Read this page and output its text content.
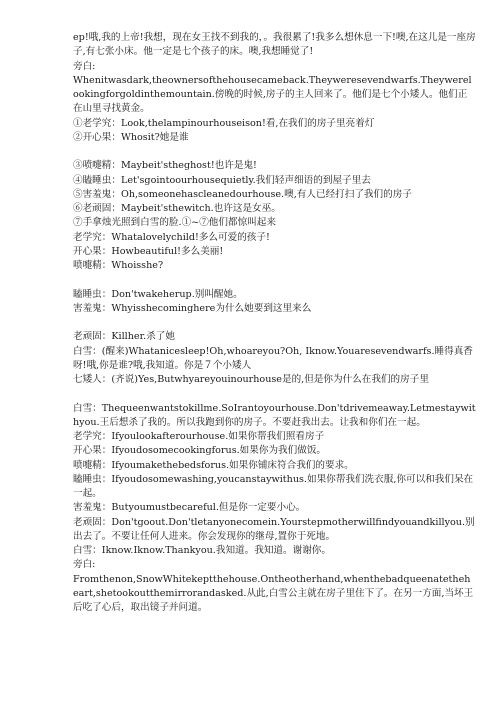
ep!哦,我的上帝!我想，现在女王找不到我的，。我很累了!我多么想休息一下!噢,在这儿是一座房子,有七张小床。他一定是七个孩子的床。噢,我想睡觉了!
旁白:
Whenitwasdark,theownersofthehousecameback.Theyweresevendwarfs.Theywerelookingforgoldinthemountain.傍晚的时候,房子的主人回来了。他们是七个小矮人。他们正在山里寻找黄金。
①老学究：Look,thelampinourhouseison!看,在我们的房子里亮着灯
②开心果：Whosit?她是谁
③喷嚏精：Maybeit'stheghost!也许是鬼!
④瞌睡虫：Let'sgointoourhousequietly.我们轻声细语的到屋子里去
⑤害羞鬼：Oh,someonehascleanedourhouse.噢,有人已经打扫了我们的房子
⑥老顽固：Maybeit'sthewitch.也许这是女巫。
⑦手拿烛光照到白雪的脸.①~⑦他们都惊叫起来
老学究：Whatalovelychild!多么可爱的孩子!
开心果：Howbeautiful!多么美丽!
喷嚏精：Whoisshe?
瞌睡虫：Don'twakeherup.别叫醒她。
害羞鬼：Whyisshecominghere为什么她要到这里来么
老顽固：Killher.杀了她
白雪：(醒来)Whatanicesleep!Oh,whoareyou?Oh, Iknow.Youaresevendwarfs.睡得真香呀!哦,你是谁?哦,我知道。你是７个小矮人
七矮人：(齐说)Yes,Butwhyareyouinourhouse是的,但是你为什么在我们的房子里
白雪：Thequeenwantstokillme.SoIrantoyourhouse.Don'tdrivemeaway.Letmestaywithyou.王后想杀了我的。所以我跑到你的房子。不要赶我出去。让我和你们在一起。
老学究：Ifyoulookafterourhouse.如果你帮我们照看房子
开心果：Ifyoudosomecookingforus.如果你为我们做饭。
喷嚏精：Ifyoumakethebedsforus.如果你铺床符合我们的要求。
瞌睡虫：Ifyoudosomewashing,youcanstaywithus.如果你帮我们洗衣服,你可以和我们呆在一起。
害羞鬼：Butyoumustbecareful.但是你一定要小心。
老顽固：Don'tgoout.Don'tletanyonecomein.Yourstepmotherwillfindyouandkillyou.别出去了。不要让任何人进来。你会发现你的继母,置你于死地。
白雪：Iknow.Iknow.Thankyou.我知道。我知道。谢谢你。
旁白:
Fromthenon,SnowWhitekeptthehouse.Ontheotherhand,whenthebadqueenatetheheart,shetookoutthemirrorandasked.从此,白雪公主就在房子里住下了。在另一方面,当坏王后吃了心后，取出镜子并问道。
